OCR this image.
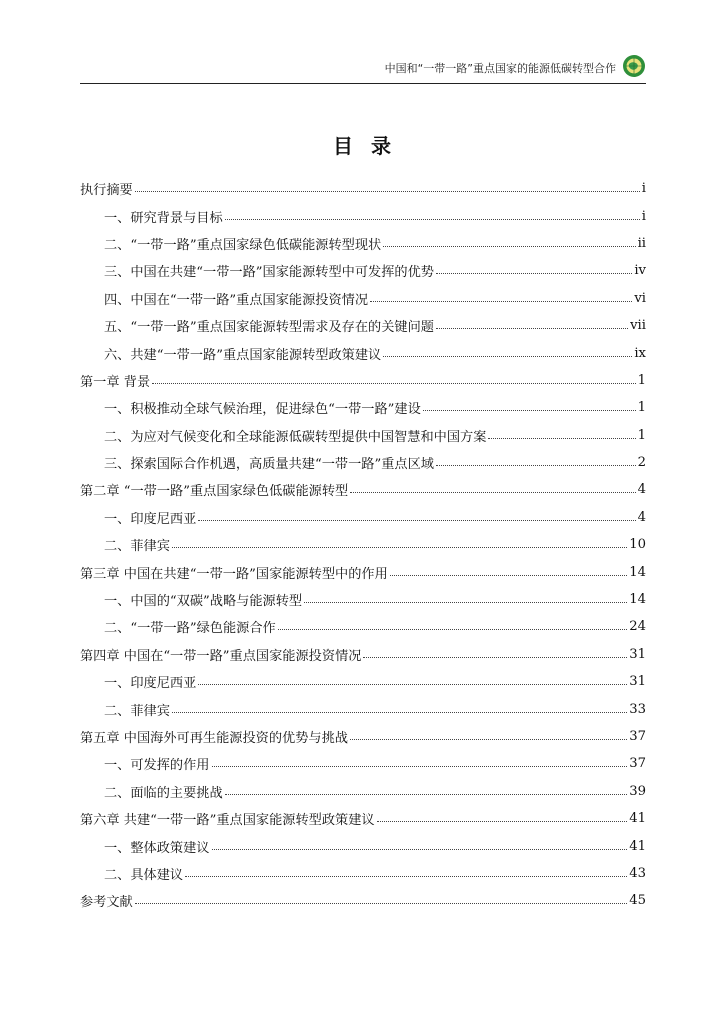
中国和“一带一路”重点国家的能源低碳转型合作
目录
执行摘要	i
一、研究背景与目标	i
二、“一带一路”重点国家绿色低碳能源转型现状	ii
三、中国在共建“一带一路”国家能源转型中可发挥的优势	iv
四、中国在“一带一路”重点国家能源投资情况	vi
五、“一带一路”重点国家能源转型需求及存在的关键问题	vii
六、共建“一带一路”重点国家能源转型政策建议	ix
第一章 背景	1
一、积极推动全球气候治理，促进绿色“一带一路”建设	1
二、为应对气候变化和全球能源低碳转型提供中国智慧和中国方案	1
三、探索国际合作机遇，高质量共建“一带一路”重点区域	2
第二章 “一带一路”重点国家绿色低碳能源转型	4
一、印度尼西亚	4
二、菲律宾	10
第三章 中国在共建“一带一路”国家能源转型中的作用	14
一、中国的“双碳”战略与能源转型	14
二、“一带一路”绿色能源合作	24
第四章 中国在“一带一路”重点国家能源投资情况	31
一、印度尼西亚	31
二、菲律宾	33
第五章 中国海外可再生能源投资的优势与挑战	37
一、可发挥的作用	37
二、面临的主要挑战	39
第六章 共建“一带一路”重点国家能源转型政策建议	41
一、整体政策建议	41
二、具体建议	43
参考文献	45
